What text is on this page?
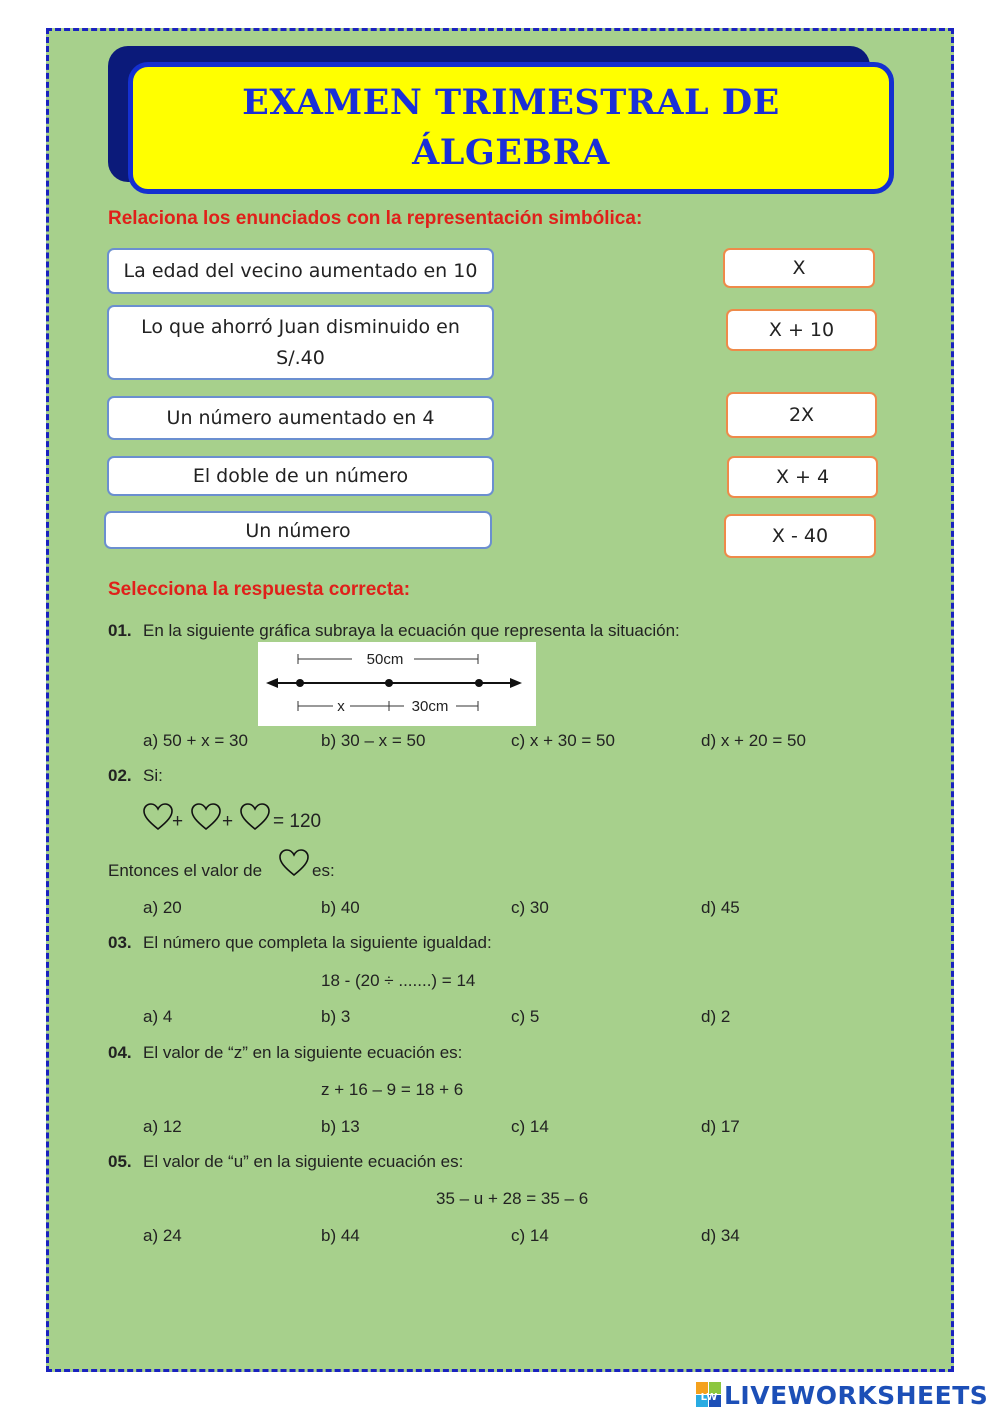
EXAMEN TRIMESTRAL DE ÁLGEBRA
Relaciona los enunciados con la representación simbólica:
La edad del vecino aumentado en 10
Lo que ahorró Juan disminuido en S/.40
Un número aumentado en 4
El doble de un número
Un número
X
X + 10
2X
X + 4
X - 40
Selecciona la respuesta correcta:
01. En la siguiente gráfica subraya la ecuación que representa la situación:
50cm
x	30cm
a) 50 + x = 30	b) 30 – x = 50	c) x + 30 = 50	d) x + 20 = 50
02. Si:
+ + = 120
Entonces el valor de	es:
a) 20	b) 40	c) 30	d) 45
03. El número que completa la siguiente igualdad:
18 - (20 ÷ .......) = 14
a) 4	b) 3	c) 5	d) 2
04. El valor de “z” en la siguiente ecuación es:
z + 16 – 9 = 18 + 6
a) 12	b) 13	c) 14	d) 17
05. El valor de “u” en la siguiente ecuación es:
35 – u + 28 = 35 – 6
a) 24	b) 44	c) 14	d) 34
LW LIVEWORKSHEETS
